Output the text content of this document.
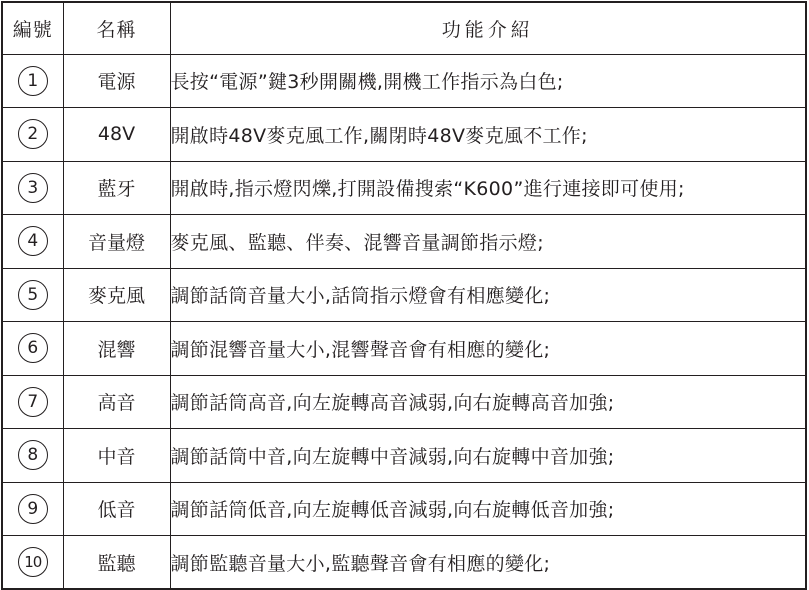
編號	名稱	功能介紹
1	電源	長按“電源”鍵3秒開關機,開機工作指示為白色;
2	48V	開啟時48V麥克風工作,關閉時48V麥克風不工作;
3	藍牙	開啟時,指示燈閃爍,打開設備搜索“K600”進行連接即可使用;
4	音量燈	麥克風、監聽、伴奏、混響音量調節指示燈;
5	麥克風	調節話筒音量大小,話筒指示燈會有相應變化;
6	混響	調節混響音量大小,混響聲音會有相應的變化;
7	高音	調節話筒高音,向左旋轉高音減弱,向右旋轉高音加強;
8	中音	調節話筒中音,向左旋轉中音減弱,向右旋轉中音加強;
9	低音	調節話筒低音,向左旋轉低音減弱,向右旋轉低音加強;
10	監聽	調節監聽音量大小,監聽聲音會有相應的變化;
